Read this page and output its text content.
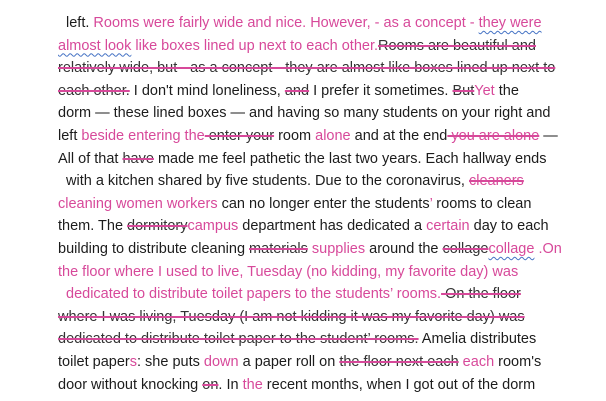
left. Rooms were fairly wide and nice. However, - as a concept - they were
almost look like boxes lined up next to each other.Rooms are beautiful and
relatively wide, but - as a concept - they are almost like boxes lined up next to
each other. I don't mind loneliness, and I prefer it sometimes. ButYet the
dorm — these lined boxes — and having so many students on your right and
left beside entering the enter your room alone and at the end you are alone —
All of that have made me feel pathetic the last two years. Each hallway ends
with a kitchen shared by five students. Due to the coronavirus, cleaners
cleaning women workers can no longer enter the students’ rooms to clean
them. The dormitorycampus department has dedicated a certain day to each
building to distribute cleaning materials supplies around the collagecollage .On
the floor where I used to live, Tuesday (no kidding, my favorite day) was
dedicated to distribute toilet papers to the students’ rooms. On the floor
where I was living, Tuesday (I am not kidding it was my favorite day) was
dedicated to distribute toilet paper to the student’ rooms. Amelia distributes
toilet papers: she puts down a paper roll on the floor next each each room's
door without knocking on. In the recent months, when I got out of the dorm
